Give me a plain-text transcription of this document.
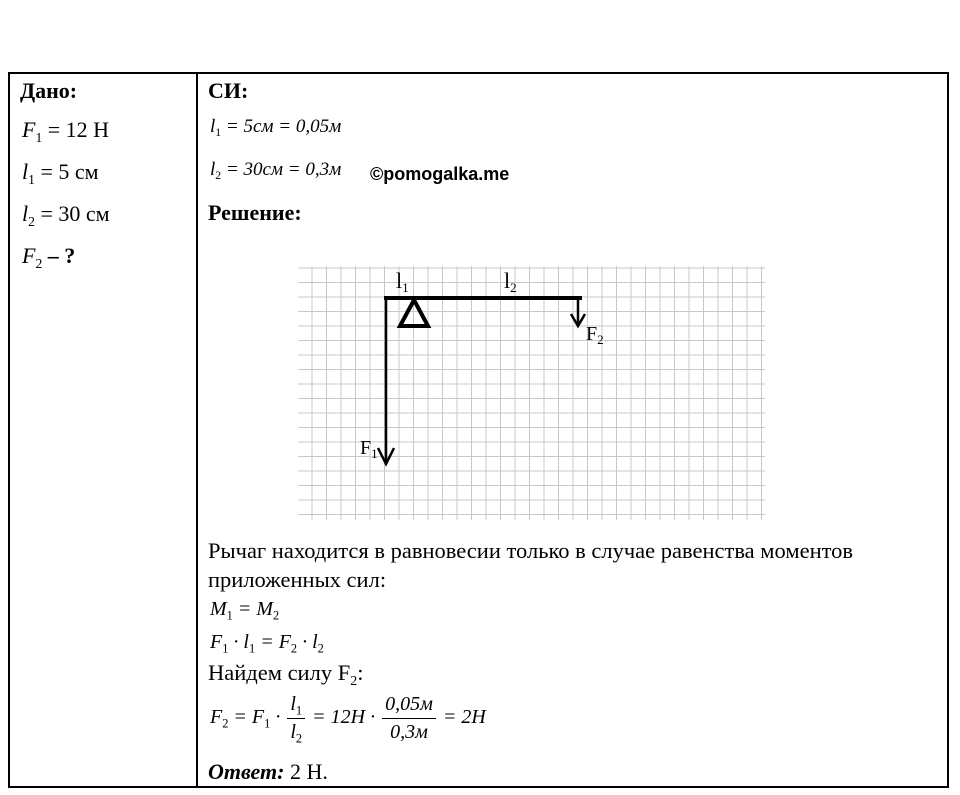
Дано:
$F_1 = 12$ Н
$l_1 = 5$ см
$l_2 = 30$ см
$F_2$ – ?
СИ:
$l_1 = 5см = 0,05м$
$l_2 = 30см = 0,3м$ ©pomogalka.me
Решение:
l1	l2
$F_2$
$F_1$
Рычаг находится в равновесии только в случае равенства моментов приложенных сил:
$M_1 = M_2$
$F_1 \cdot l_1 = F_2 \cdot l_2$
Найдем силу $F_2$:
$F_2 = F_1 \cdot \frac{l_1}{l_2} = 12Н \cdot \frac{0,05м}{0,3м} = 2Н$
Ответ: 2 Н.
